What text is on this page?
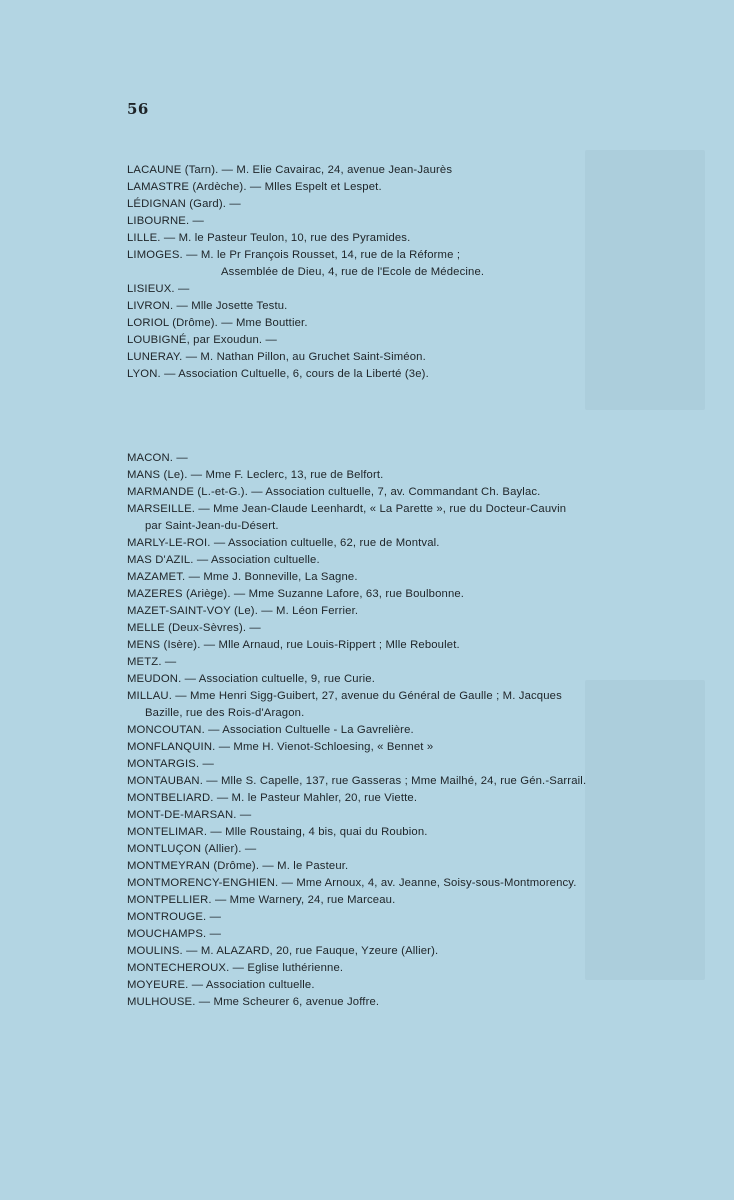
56
LACAUNE (Tarn). — M. Elie Cavairac, 24, avenue Jean-Jaurès
LAMASTRE (Ardèche). — Mlles Espelt et Lespet.
LÉDIGNAN (Gard). —
LIBOURNE. —
LILLE. — M. le Pasteur Teulon, 10, rue des Pyramides.
LIMOGES. — M. le Pr François Rousset, 14, rue de la Réforme ;
Assemblée de Dieu, 4, rue de l'Ecole de Médecine.
LISIEUX. —
LIVRON. — Mlle Josette Testu.
LORIOL (Drôme). — Mme Bouttier.
LOUBIGNÉ, par Exoudun. —
LUNERAY. — M. Nathan Pillon, au Gruchet Saint-Siméon.
LYON. — Association Cultuelle, 6, cours de la Liberté (3e).
MACON. —
MANS (Le). — Mme F. Leclerc, 13, rue de Belfort.
MARMANDE (L.-et-G.). — Association cultuelle, 7, av. Commandant Ch. Baylac.
MARSEILLE. — Mme Jean-Claude Leenhardt, « La Parette », rue du Docteur-Cauvin
par Saint-Jean-du-Désert.
MARLY-LE-ROI. — Association cultuelle, 62, rue de Montval.
MAS D'AZIL. — Association cultuelle.
MAZAMET. — Mme J. Bonneville, La Sagne.
MAZERES (Ariège). — Mme Suzanne Lafore, 63, rue Boulbonne.
MAZET-SAINT-VOY (Le). — M. Léon Ferrier.
MELLE (Deux-Sèvres). —
MENS (Isère). — Mlle Arnaud, rue Louis-Rippert ; Mlle Reboulet.
METZ. —
MEUDON. — Association cultuelle, 9, rue Curie.
MILLAU. — Mme Henri Sigg-Guibert, 27, avenue du Général de Gaulle ; M. Jacques
Bazille, rue des Rois-d'Aragon.
MONCOUTAN. — Association Cultuelle - La Gavrelière.
MONFLANQUIN. — Mme H. Vienot-Schloesing, « Bennet »
MONTARGIS. —
MONTAUBAN. — Mlle S. Capelle, 137, rue Gasseras ; Mme Mailhé, 24, rue Gén.-Sarrail.
MONTBELIARD. — M. le Pasteur Mahler, 20, rue Viette.
MONT-DE-MARSAN. —
MONTELIMAR. — Mlle Roustaing, 4 bis, quai du Roubion.
MONTLUÇON (Allier). —
MONTMEYRAN (Drôme). — M. le Pasteur.
MONTMORENCY-ENGHIEN. — Mme Arnoux, 4, av. Jeanne, Soisy-sous-Montmorency.
MONTPELLIER. — Mme Warnery, 24, rue Marceau.
MONTROUGE. —
MOUCHAMPS. —
MOULINS. — M. ALAZARD, 20, rue Fauque, Yzeure (Allier).
MONTECHEROUX. — Eglise luthérienne.
MOYEURE. — Association cultuelle.
MULHOUSE. — Mme Scheurer 6, avenue Joffre.
